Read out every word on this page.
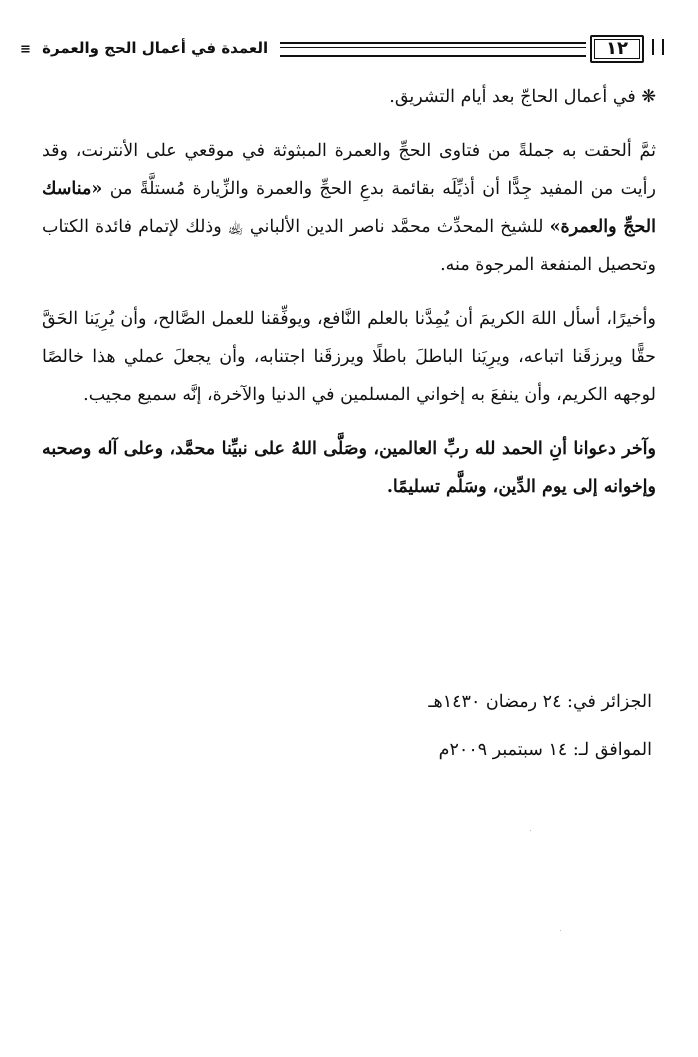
العمدة في أعمال الحج والعمرة ≡	١٢

❋ في أعمال الحاجّ بعد أيام التشريق.

ثمَّ ألحقت به جملةً من فتاوى الحجِّ والعمرة المبثوثة في موقعي على الأنترنت، وقد رأيت من المفيد جِدًّا أن أذيِّلَه بقائمة بدعِ الحجِّ والعمرة والزِّيارة مُستلَّةً من «مناسك الحجِّ والعمرة» للشيخ المحدِّث محمَّد ناصر الدين الألباني ﵀ وذلك لإتمام فائدة الكتاب وتحصيل المنفعة المرجوة منه.

وأخيرًا، أسأل اللهَ الكريمَ أن يُمِدَّنا بالعلم النَّافع، ويوفِّقنا للعمل الصَّالح، وأن يُرِيَنا الحَقَّ حقًّا ويرزقَنا اتباعه، ويرِيَنا الباطلَ باطلًا ويرزقَنا اجتنابه، وأن يجعلَ عملي هذا خالصًا لوجهه الكريم، وأن ينفعَ به إخواني المسلمين في الدنيا والآخرة، إنَّه سميع مجيب.

وآخر دعوانا أنِ الحمد لله ربِّ العالمين، وصَلَّى اللهُ على نبيِّنا محمَّد، وعلى آله وصحبه وإخوانه إلى يوم الدِّين، وسَلَّم تسليمًا.

الجزائر في: ٢٤ رمضان ١٤٣٠هـ
الموافق لـ: ١٤ سبتمبر ٢٠٠٩م
